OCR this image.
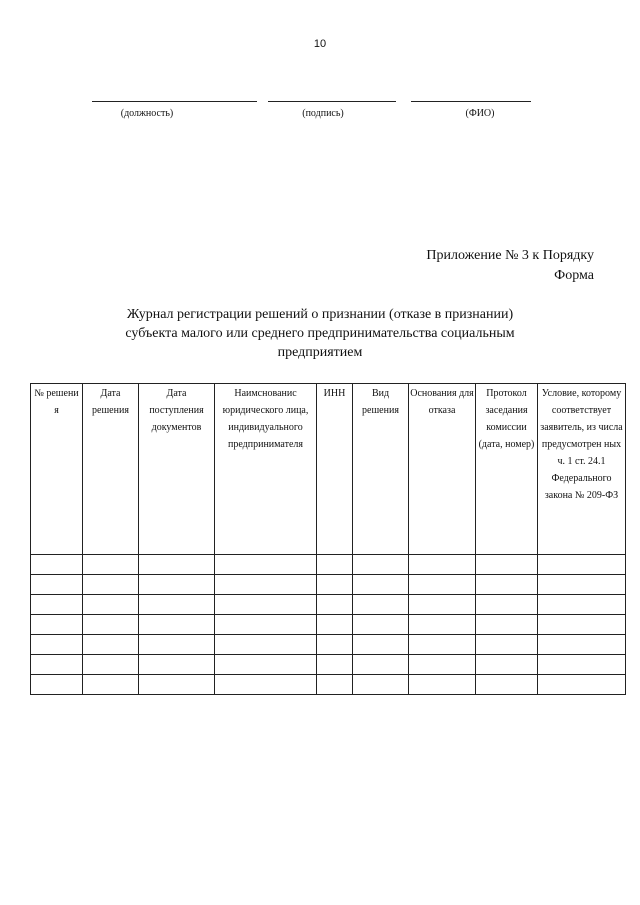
10
(должность)	(подпись)	(ФИО)
Приложение № 3 к Порядку
Форма
Журнал регистрации решений о признании (отказе в признании)
субъекта малого или среднего предпринимательства социальным
предприятием
№ решени я	Дата решения	Дата поступления документов	Наимснованис юридического лица, индивидуального предпринимателя	ИНН	Вид решения	Основания для отказа	Протокол заседания комиссии (дата, номер)	Условие, которому соответствует заявитель, из числа предусмотрен ных ч. 1 ст. 24.1 Федерального закона № 209-ФЗ
